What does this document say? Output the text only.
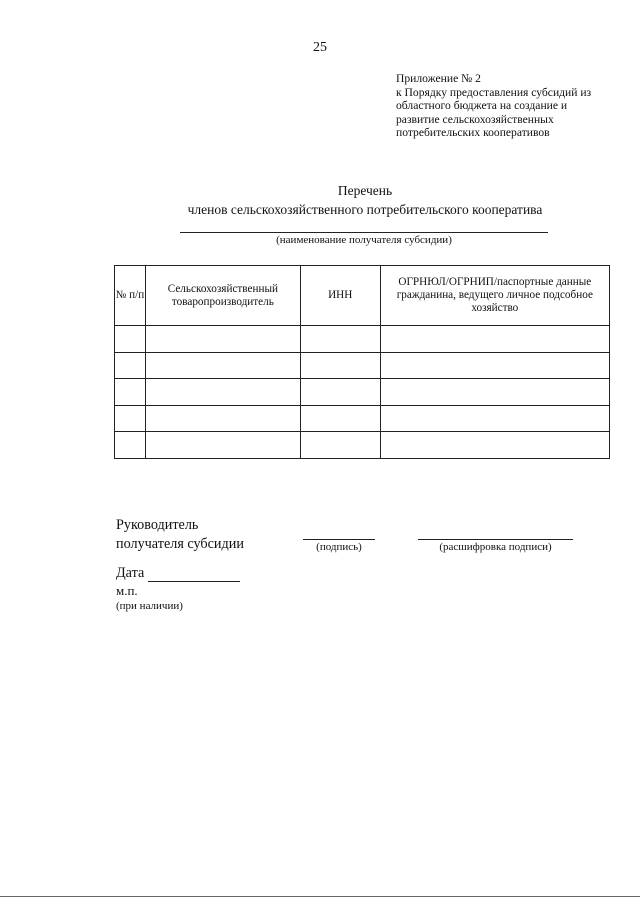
25
Приложение № 2
к Порядку предоставления субсидий из
областного бюджета на создание и
развитие сельскохозяйственных
потребительских кооперативов
Перечень
членов сельскохозяйственного потребительского кооператива
(наименование получателя субсидии)
№ п/п	Сельскохозяйственный товаропроизводитель	ИНН	ОГРНЮЛ/ОГРНИП/паспортные данные гражданина, ведущего личное подсобное хозяйство

Руководитель
получателя субсидии	(подпись)	(расшифровка подписи)
Дата
м.п.
(при наличии)
